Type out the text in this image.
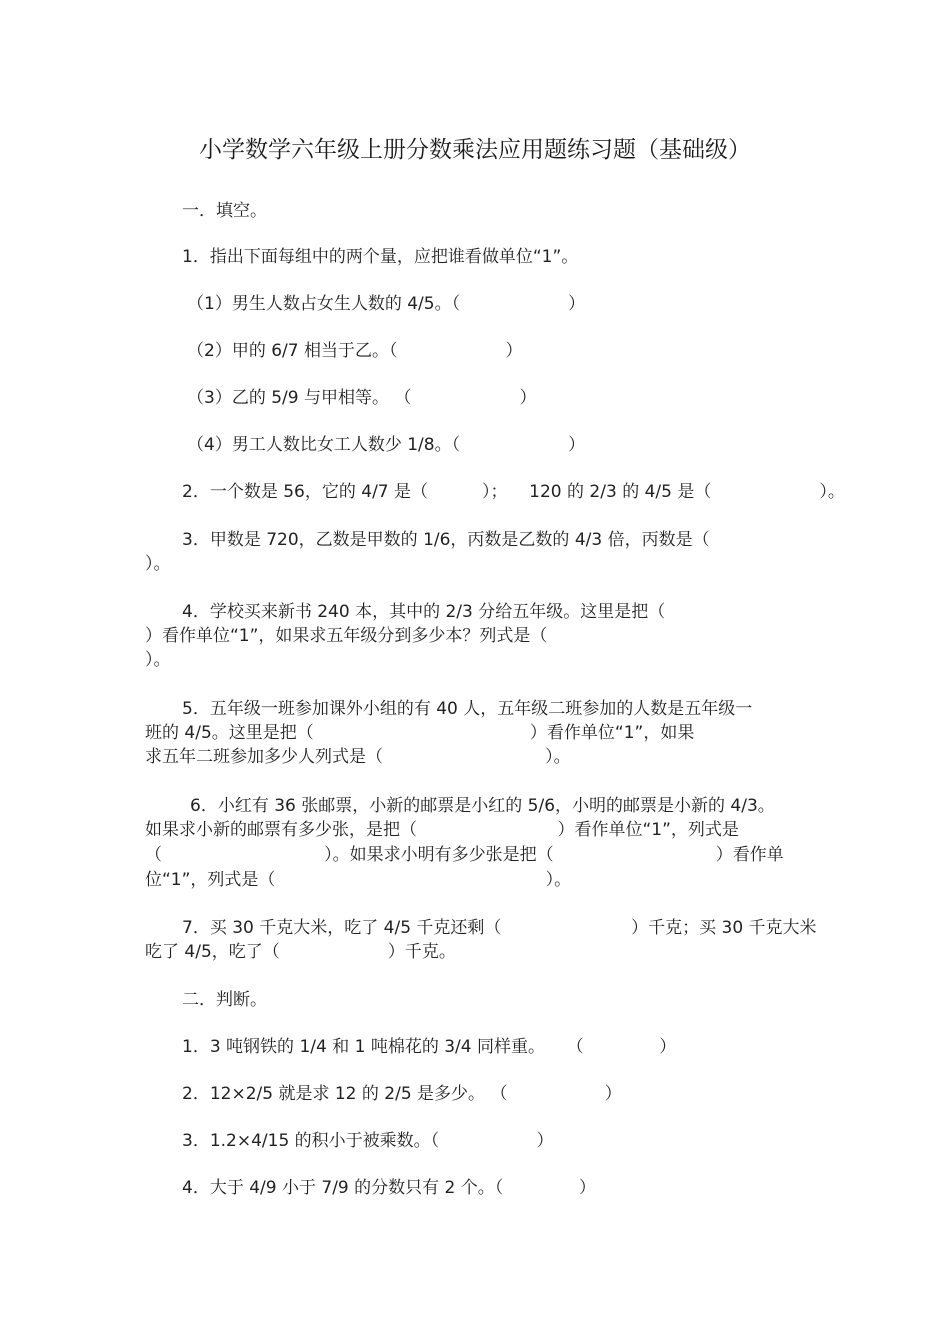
小学数学六年级上册分数乘法应用题练习题（基础级）
一．填空。
1．指出下面每组中的两个量，应把谁看做单位“1”。
（1）男生人数占女生人数的 4/5。（                    ）
（2）甲的 6/7 相当于乙。（                    ）
（3）乙的 5/9 与甲相等。 （                    ）
（4）男工人数比女工人数少 1/8。（                    ）
2．一个数是 56，它的 4/7 是（          ）；    120 的 2/3 的 4/5 是（                    ）。
3．甲数是 720，乙数是甲数的 1/6，丙数是乙数的 4/3 倍，丙数是（
）。
4．学校买来新书 240 本，其中的 2/3 分给五年级。这里是把（
）看作单位“1”，如果求五年级分到多少本？列式是（
）。
5．五年级一班参加课外小组的有 40 人，五年级二班参加的人数是五年级一
班的 4/5。这里是把（                                        ）看作单位“1”，如果
求五年二班参加多少人列式是（                              ）。
6．小红有 36 张邮票，小新的邮票是小红的 5/6，小明的邮票是小新的 4/3。
如果求小新的邮票有多少张，是把（                          ）看作单位“1”，列式是
（                              ）。如果求小明有多少张是把（                              ）看作单
位“1”，列式是（                                                  ）。
7．买 30 千克大米，吃了 4/5 千克还剩（                        ）千克；买 30 千克大米
吃了 4/5，吃了（                    ）千克。
二．判断。
1．3 吨钢铁的 1/4 和 1 吨棉花的 3/4 同样重。    （              ）
2．12×2/5 就是求 12 的 2/5 是多少。 （                  ）
3．1.2×4/15 的积小于被乘数。（                  ）
4．大于 4/9 小于 7/9 的分数只有 2 个。（              ）
